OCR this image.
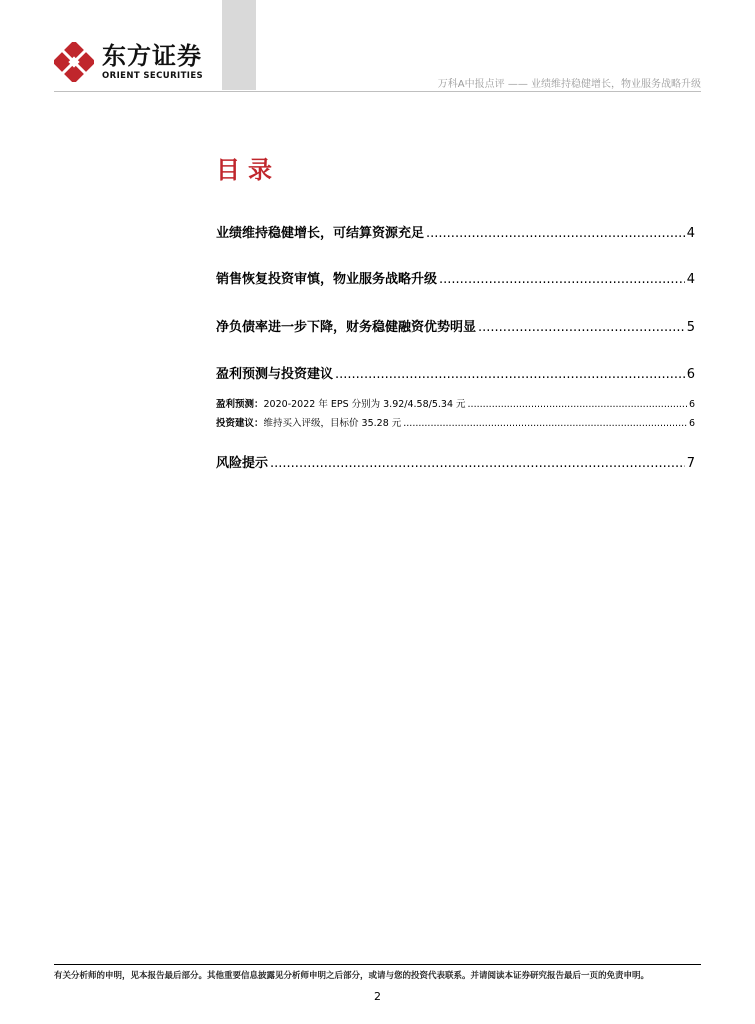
东方证券
ORIENT SECURITIES
万科A中报点评 —— 业绩维持稳健增长，物业服务战略升级
目录
业绩维持稳健增长，可结算资源充足 .....	4
销售恢复投资审慎，物业服务战略升级 .....	4
净负债率进一步下降，财务稳健融资优势明显 .....	5
盈利预测与投资建议 .....	6
盈利预测：2020-2022 年 EPS 分别为 3.92/4.58/5.34 元 .....	6
投资建议：维持买入评级，目标价 35.28 元 .....	6
风险提示 .....	7
有关分析师的申明，见本报告最后部分。其他重要信息披露见分析师申明之后部分，或请与您的投资代表联系。并请阅读本证券研究报告最后一页的免责申明。
2
